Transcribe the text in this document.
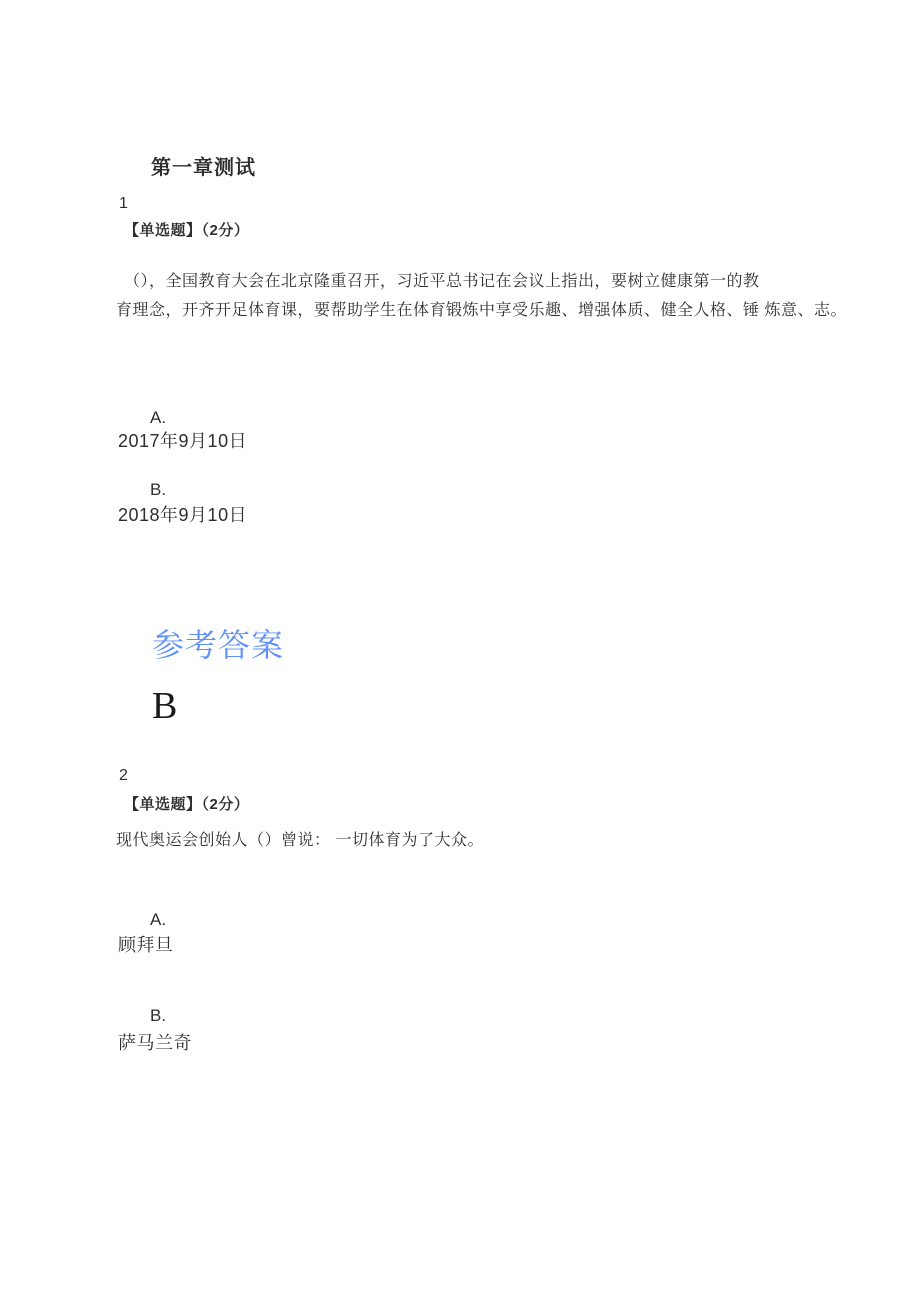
第一章测试
1
【单选题】（2分）
（），全国教育大会在北京隆重召开，习近平总书记在会议上指出，要树立健康第一的教
育理念，开齐开足体育课，要帮助学生在体育锻炼中享受乐趣、增强体质、健全人格、锤 炼意、志。
A.
2017年9月10日
B.
2018年9月10日
参考答案
B
2
【单选题】（2分）
现代奥运会创始人（）曾说： 一切体育为了大众。
A.
顾拜旦
B.
萨马兰奇
